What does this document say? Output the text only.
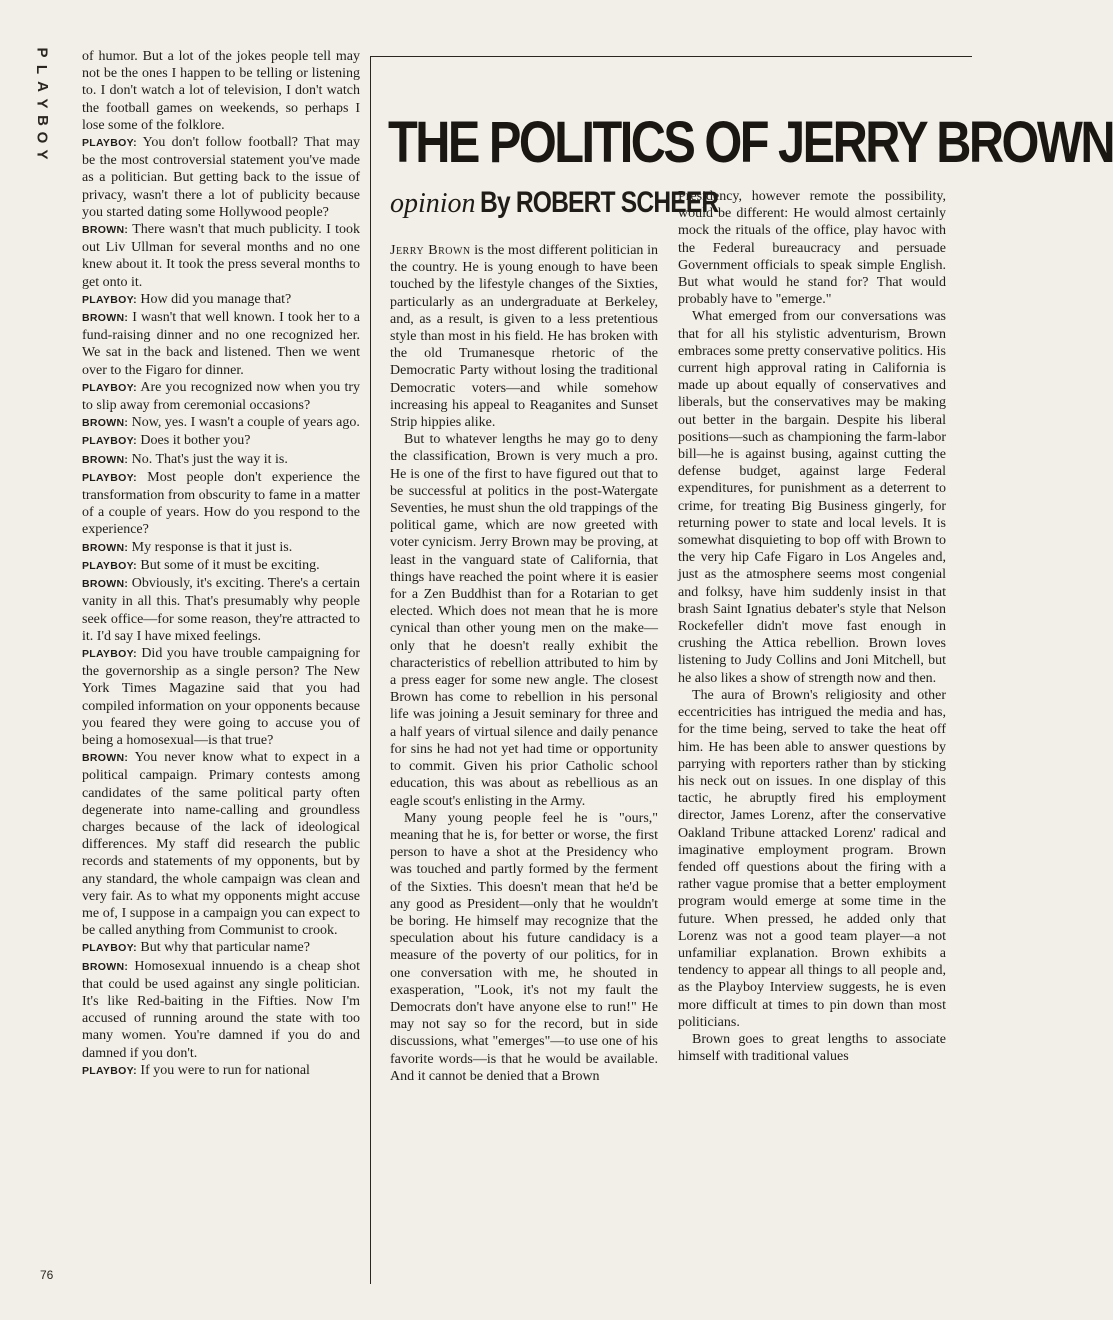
P
L
A
Y
B
O
Y
76

of humor. But a lot of the jokes people tell may not be the ones I happen to be telling or listening to. I don't watch a lot of television, I don't watch the football games on weekends, so perhaps I lose some of the folklore.

PLAYBOY: You don't follow football? That may be the most controversial statement you've made as a politician. But getting back to the issue of privacy, wasn't there a lot of publicity because you started dating some Hollywood people?

BROWN: There wasn't that much publicity. I took out Liv Ullman for several months and no one knew about it. It took the press several months to get onto it.

PLAYBOY: How did you manage that?

BROWN: I wasn't that well known. I took her to a fund-raising dinner and no one recognized her. We sat in the back and listened. Then we went over to the Figaro for dinner.

PLAYBOY: Are you recognized now when you try to slip away from ceremonial occasions?

BROWN: Now, yes. I wasn't a couple of years ago.

PLAYBOY: Does it bother you?

BROWN: No. That's just the way it is.

PLAYBOY: Most people don't experience the transformation from obscurity to fame in a matter of a couple of years. How do you respond to the experience?

BROWN: My response is that it just is.

PLAYBOY: But some of it must be exciting.

BROWN: Obviously, it's exciting. There's a certain vanity in all this. That's presumably why people seek office—for some reason, they're attracted to it. I'd say I have mixed feelings.

PLAYBOY: Did you have trouble campaigning for the governorship as a single person? The New York Times Magazine said that you had compiled information on your opponents because you feared they were going to accuse you of being a homosexual—is that true?

BROWN: You never know what to expect in a political campaign. Primary contests among candidates of the same political party often degenerate into name-calling and groundless charges because of the lack of ideological differences. My staff did research the public records and statements of my opponents, but by any standard, the whole campaign was clean and very fair. As to what my opponents might accuse me of, I suppose in a campaign you can expect to be called anything from Communist to crook.

PLAYBOY: But why that particular name?

BROWN: Homosexual innuendo is a cheap shot that could be used against any single politician. It's like Red-baiting in the Fifties. Now I'm accused of running around the state with too many women. You're damned if you do and damned if you don't.

PLAYBOY: If you were to run for national

THE POLITICS OF JERRY BROWN
opinion By ROBERT SCHEER

Jerry Brown is the most different politician in the country. He is young enough to have been touched by the lifestyle changes of the Sixties, particularly as an undergraduate at Berkeley, and, as a result, is given to a less pretentious style than most in his field. He has broken with the old Trumanesque rhetoric of the Democratic Party without losing the traditional Democratic voters—and while somehow increasing his appeal to Reaganites and Sunset Strip hippies alike.

But to whatever lengths he may go to deny the classification, Brown is very much a pro. He is one of the first to have figured out that to be successful at politics in the post-Watergate Seventies, he must shun the old trappings of the political game, which are now greeted with voter cynicism. Jerry Brown may be proving, at least in the vanguard state of California, that things have reached the point where it is easier for a Zen Buddhist than for a Rotarian to get elected. Which does not mean that he is more cynical than other young men on the make—only that he doesn't really exhibit the characteristics of rebellion attributed to him by a press eager for some new angle. The closest Brown has come to rebellion in his personal life was joining a Jesuit seminary for three and a half years of virtual silence and daily penance for sins he had not yet had time or opportunity to commit. Given his prior Catholic school education, this was about as rebellious as an eagle scout's enlisting in the Army.

Many young people feel he is "ours," meaning that he is, for better or worse, the first person to have a shot at the Presidency who was touched and partly formed by the ferment of the Sixties. This doesn't mean that he'd be any good as President—only that he wouldn't be boring. He himself may recognize that the speculation about his future candidacy is a measure of the poverty of our politics, for in one conversation with me, he shouted in exasperation, "Look, it's not my fault the Democrats don't have anyone else to run!" He may not say so for the record, but in side discussions, what "emerges"—to use one of his favorite words—is that he would be available. And it cannot be denied that a Brown

Presidency, however remote the possibility, would be different: He would almost certainly mock the rituals of the office, play havoc with the Federal bureaucracy and persuade Government officials to speak simple English. But what would he stand for? That would probably have to "emerge."

What emerged from our conversations was that for all his stylistic adventurism, Brown embraces some pretty conservative politics. His current high approval rating in California is made up about equally of conservatives and liberals, but the conservatives may be making out better in the bargain. Despite his liberal positions—such as championing the farm-labor bill—he is against busing, against cutting the defense budget, against large Federal expenditures, for punishment as a deterrent to crime, for treating Big Business gingerly, for returning power to state and local levels. It is somewhat disquieting to bop off with Brown to the very hip Cafe Figaro in Los Angeles and, just as the atmosphere seems most congenial and folksy, have him suddenly insist in that brash Saint Ignatius debater's style that Nelson Rockefeller didn't move fast enough in crushing the Attica rebellion. Brown loves listening to Judy Collins and Joni Mitchell, but he also likes a show of strength now and then.

The aura of Brown's religiosity and other eccentricities has intrigued the media and has, for the time being, served to take the heat off him. He has been able to answer questions by parrying with reporters rather than by sticking his neck out on issues. In one display of this tactic, he abruptly fired his employment director, James Lorenz, after the conservative Oakland Tribune attacked Lorenz' radical and imaginative employment program. Brown fended off questions about the firing with a rather vague promise that a better employment program would emerge at some time in the future. When pressed, he added only that Lorenz was not a good team player—a not unfamiliar explanation. Brown exhibits a tendency to appear all things to all people and, as the Playboy Interview suggests, he is even more difficult at times to pin down than most politicians.

Brown goes to great lengths to associate himself with traditional values
